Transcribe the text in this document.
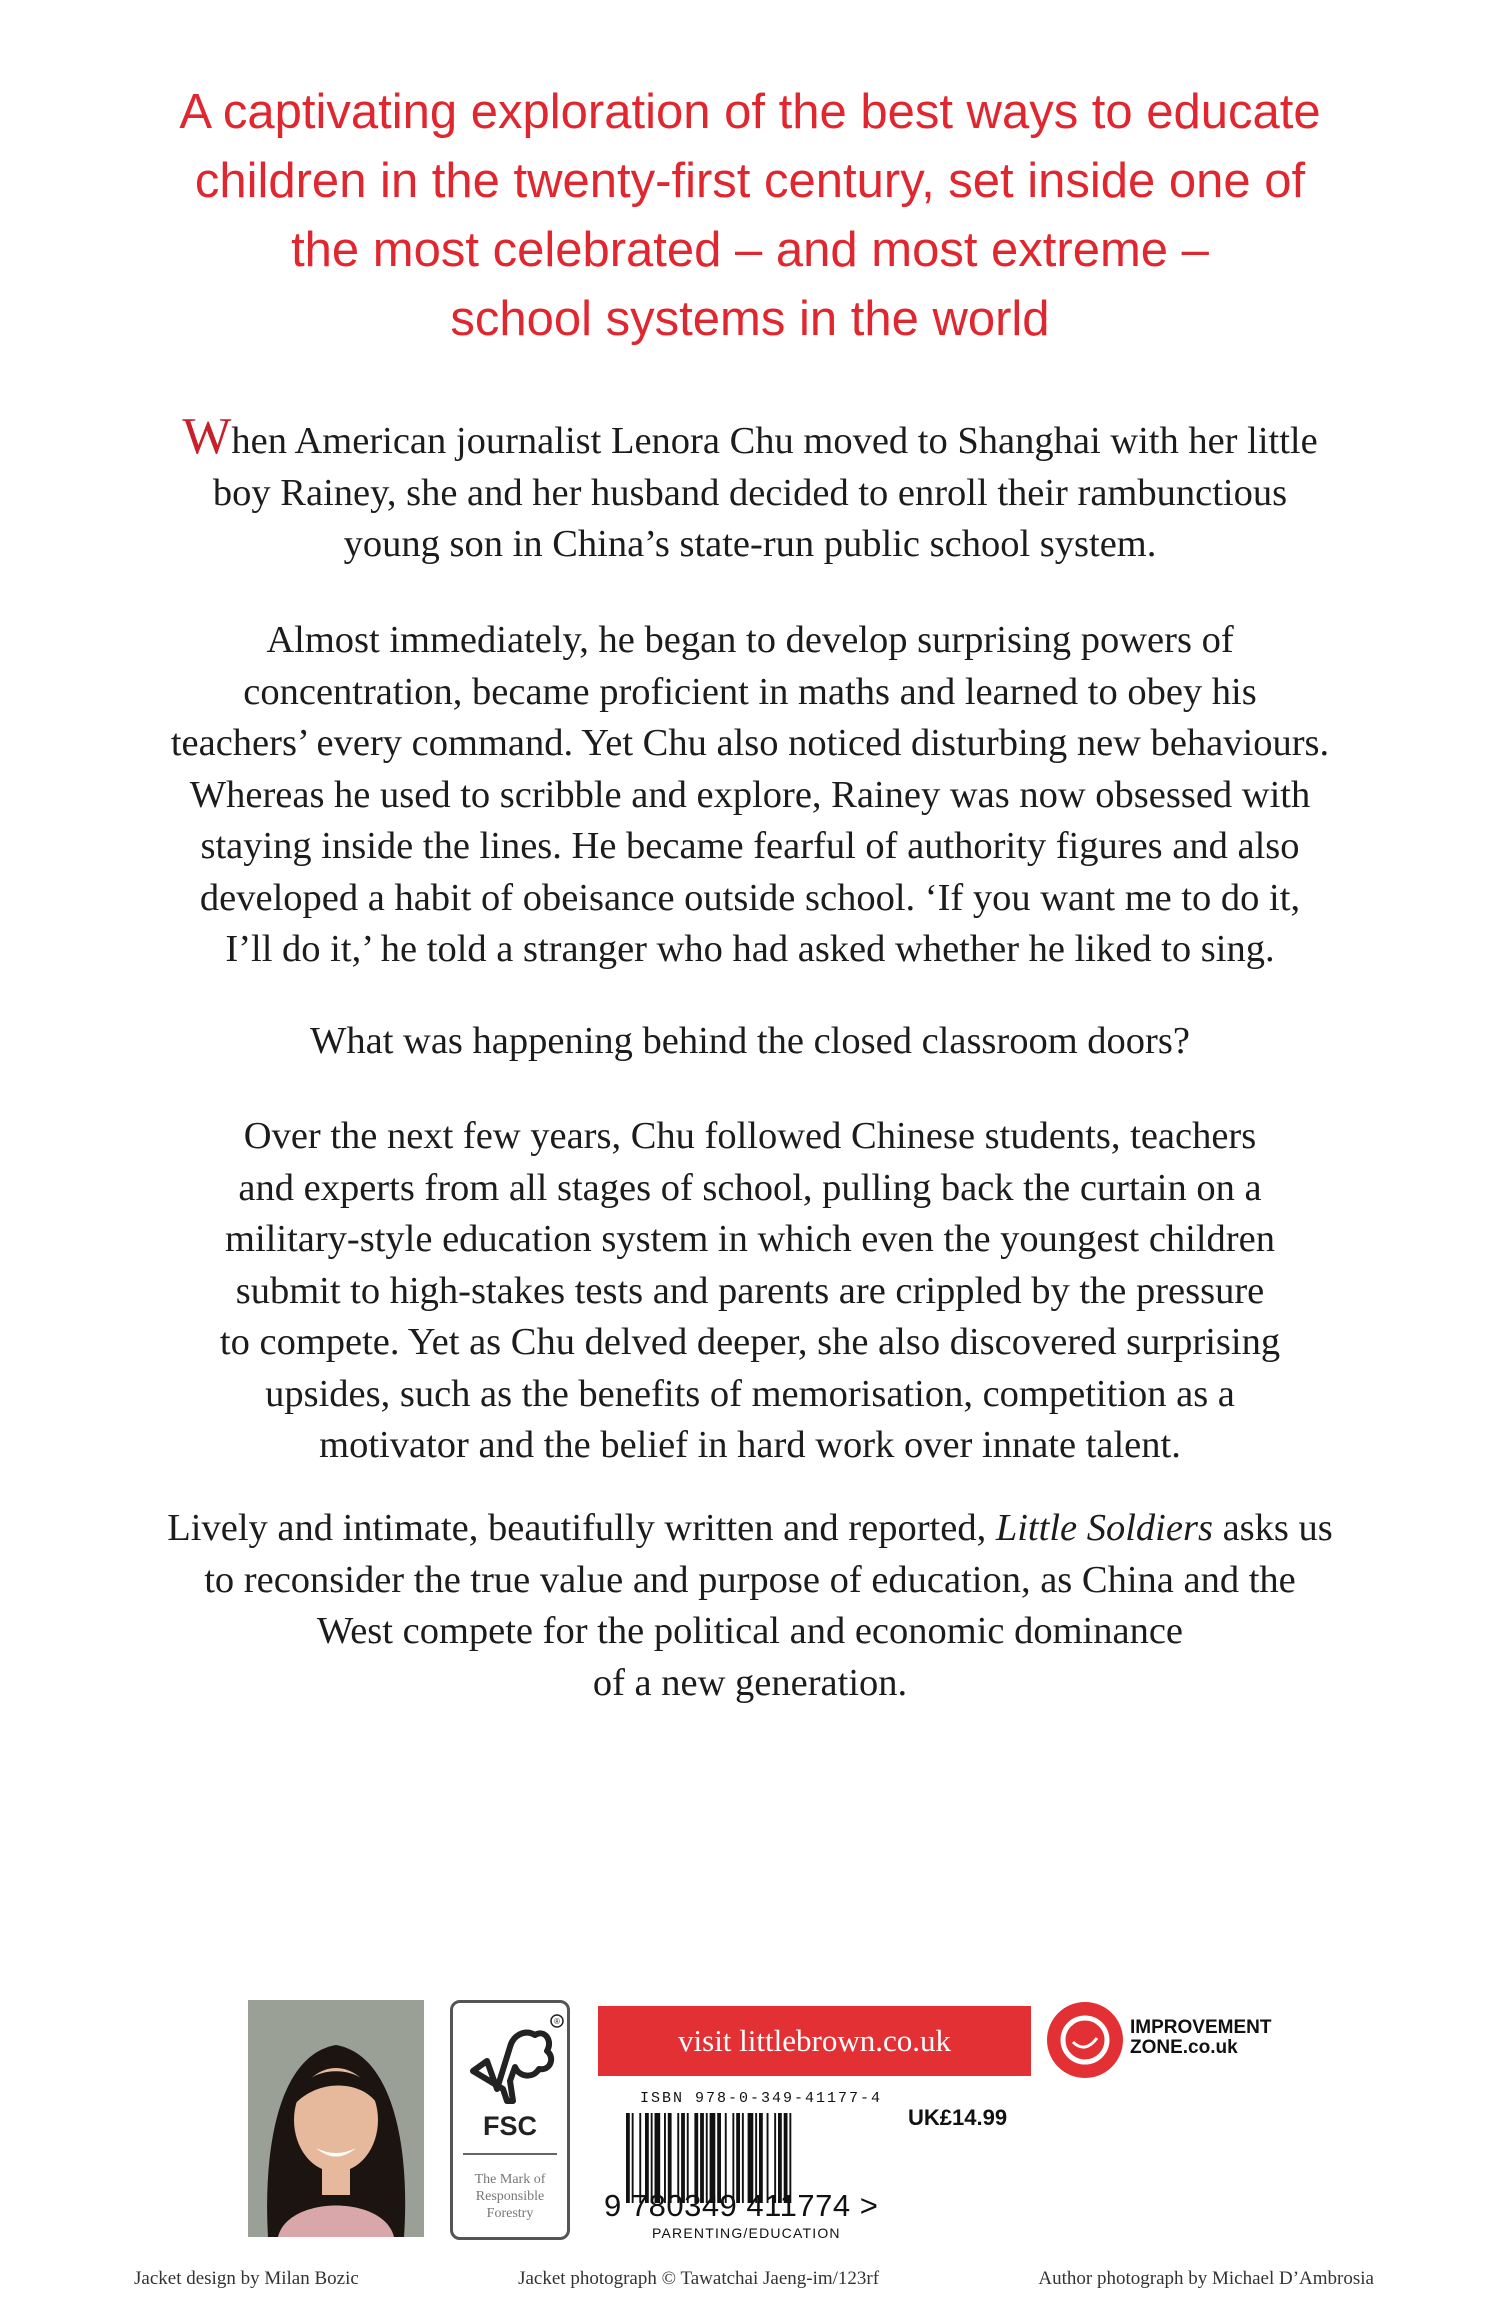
A captivating exploration of the best ways to educate
children in the twenty-first century, set inside one of
the most celebrated – and most extreme –
school systems in the world
When American journalist Lenora Chu moved to Shanghai with her little
boy Rainey, she and her husband decided to enroll their rambunctious
young son in China’s state-run public school system.
Almost immediately, he began to develop surprising powers of
concentration, became proficient in maths and learned to obey his
teachers’ every command. Yet Chu also noticed disturbing new behaviours.
Whereas he used to scribble and explore, Rainey was now obsessed with
staying inside the lines. He became fearful of authority figures and also
developed a habit of obeisance outside school. ‘If you want me to do it,
I’ll do it,’ he told a stranger who had asked whether he liked to sing.
What was happening behind the closed classroom doors?
Over the next few years, Chu followed Chinese students, teachers
and experts from all stages of school, pulling back the curtain on a
military-style education system in which even the youngest children
submit to high-stakes tests and parents are crippled by the pressure
to compete. Yet as Chu delved deeper, she also discovered surprising
upsides, such as the benefits of memorisation, competition as a
motivator and the belief in hard work over innate talent.
Lively and intimate, beautifully written and reported, Little Soldiers asks us
to reconsider the true value and purpose of education, as China and the
West compete for the political and economic dominance
of a new generation.
®
FSC
The Mark of
Responsible
Forestry
visit littlebrown.co.uk	IMPROVEMENT
ZONE.co.uk
ISBN 978-0-349-41177-4
9 780349 411774 >
UK£14.99
PARENTING/EDUCATION
Jacket design by Milan Bozic	Jacket photograph © Tawatchai Jaeng-im/123rf	Author photograph by Michael D’Ambrosia
